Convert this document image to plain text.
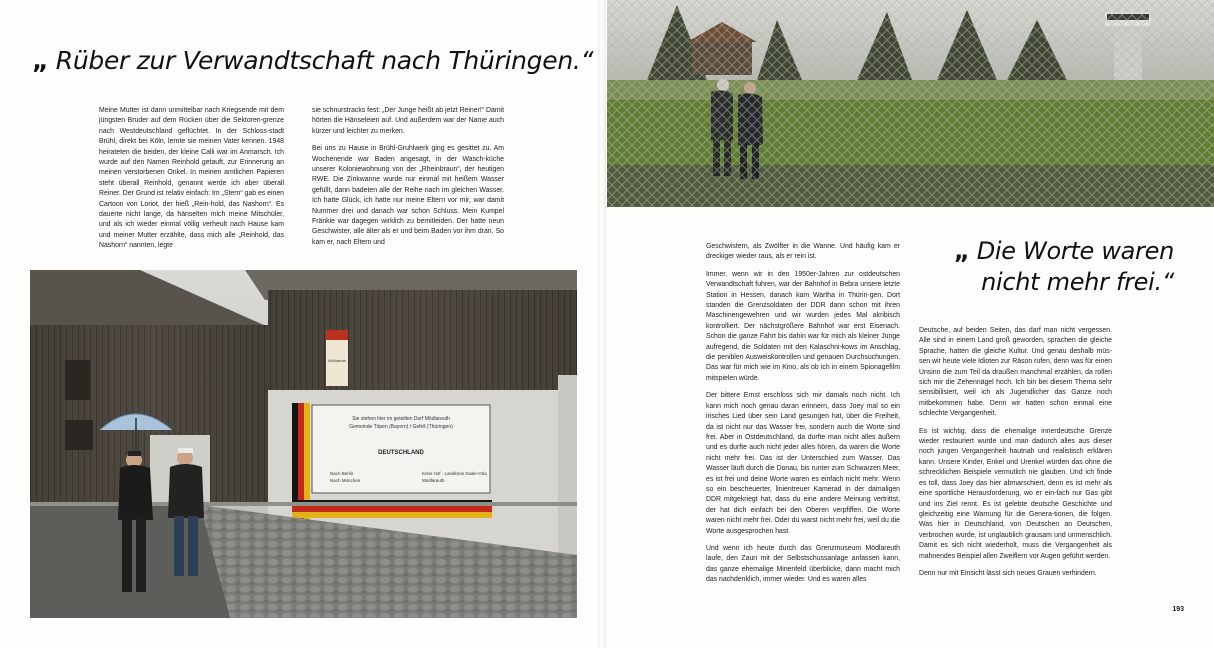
„ Rüber zur Verwandtschaft nach Thüringen.“

Meine Mutter ist dann unmittelbar nach Kriegsende mit dem jüngsten Bruder auf dem Rücken über die Sektoren-grenze nach Westdeutschland geflüchtet. In der Schloss-stadt Brühl, direkt bei Köln, lernte sie meinen Vater kennen. 1948 heirateten die beiden, der kleine Calli war im Anmarsch. Ich wurde auf den Namen Reinhold getauft, zur Erinnerung an meinen verstorbenen Onkel. In meinen amtlichen Papieren steht überall Reinhold, genannt werde ich aber überall Reiner. Der Grund ist relativ einfach: Im „Stern“ gab es einen Cartoon von Loriot, der hieß „Rein-hold, das Nashorn“. Es dauerte nicht lange, da hänselten mich meine Mitschüler, und als ich wieder einmal völlig verheult nach Hause kam und meiner Mutter erzählte, dass mich alle „Reinhold, das Nashorn“ nannten, legte

sie schnurstracks fest: „Der Junge heißt ab jetzt Reiner!“ Damit hörten die Hänseleien auf. Und außerdem war der Name auch kürzer und leichter zu merken.

Bei uns zu Hause in Brühl-Gruhlwerk ging es gesittet zu. Am Wochenende war Baden angesagt, in der Wasch-küche unserer Koloniewohnung von der „Rheinbraun“, der heutigen RWE. Die Zinkwanne wurde nur einmal mit heißem Wasser gefüllt, dann badeten alle der Reihe nach im gleichen Wasser. Ich hatte Glück, ich hatte nur meine Eltern vor mir, war damit Nummer drei und danach war schon Schluss. Mein Kumpel Fränkie war dagegen wirklich zu bemitleiden. Der hatte neun Geschwister, alle älter als er und beim Baden vor ihm dran. So kam er, nach Eltern und

Sie stehen hier im geteilten Dorf Mödlareuth
Gemeinde Töpen (Bayern) / Gefell (Thüringen)
DEUTSCHLAND
Nach Berlin
Nach München
Kreis Hof · Landkreis Saale-Orla
Mödlareuth
Mödlareuth
„ Die Worte waren
nicht mehr frei.“

Geschwistern, als Zwölfter in die Wanne. Und häufig kam er dreckiger wieder raus, als er rein ist.

Immer, wenn wir in den 1950er-Jahren zur ostdeutschen Verwandtschaft fuhren, war der Bahnhof in Bebra unsere letzte Station in Hessen, danach kam Wartha in Thürin-gen. Dort standen die Grenzsoldaten der DDR dann schon mit ihren Maschinengewehren und wir wurden jedes Mal akribisch kontrolliert. Der nächstgrößere Bahnhof war erst Eisenach. Schon die ganze Fahrt bis dahin war für mich als kleiner Junge aufregend, die Soldaten mit den Kalaschni-kows im Anschlag, die peniblen Ausweiskontrollen und genauen Durchsuchungen. Das war für mich wie im Kino, als ob ich in einem Spionagefilm mitspielen würde.

Der bittere Ernst erschloss sich mir damals noch nicht. Ich kann mich noch genau daran erinnern, dass Joey mal so ein irisches Lied über sein Land gesungen hat, über die Freiheit, da ist nicht nur das Wasser frei, sondern auch die Worte sind frei. Aber in Ostdeutschland, da durfte man nicht alles äußern und es durfte auch nicht jeder alles hören, da waren die Worte nicht mehr frei. Das ist der Unterschied zum Wasser. Das Wasser läuft durch die Donau, bis runter zum Schwarzen Meer, es ist frei und deine Worte waren es einfach nicht mehr. Wenn so ein bescheuerter, linientreuer Kamerad in der damaligen DDR mitgekriegt hat, dass du eine andere Meinung vertrittst, der hat dich einfach bei den Oberen verpfiffen. Die Worte waren nicht mehr frei. Oder du warst nicht mehr frei, weil du die Worte ausgesprochen hast.

Und wenn ich heute durch das Grenzmuseum Mödlareuth laufe, den Zaun mit der Selbstschussanlage anfassen kann, das ganze ehemalige Minenfeld überblicke, dann macht mich das nachdenklich, immer wieder. Und es waren alles

Deutsche, auf beiden Seiten, das darf man nicht vergessen. Alle sind in einem Land groß geworden, sprachen die gleiche Sprache, hatten die gleiche Kultur. Und genau deshalb müs-sen wir heute viele Idioten zur Räson rufen, denn was für einen Unsinn die zum Teil da draußen manchmal erzählen, da rollen sich mir die Zehennägel hoch. Ich bin bei diesem Thema sehr sensibilisiert, weil ich als Jugendlicher das Ganze noch mitbekommen habe. Denn wir hatten schon einmal eine schlechte Vergangenheit.

Es ist wichtig, dass die ehemalige innerdeutsche Grenze wieder restauriert wurde und man dadurch alles aus dieser noch jungen Vergangenheit hautnah und realistisch erklären kann. Unsere Kinder, Enkel und Urenkel würden das ohne die schrecklichen Beispiele vermutlich nie glauben. Und ich finde es toll, dass Joey das hier abmarschiert, denn es ist mehr als eine sportliche Herausforderung, wo er ein-fach nur Gas gibt und ins Ziel rennt. Es ist gelebte deutsche Geschichte und gleichzeitig eine Warnung für die Genera-tionen, die folgen. Was hier in Deutschland, von Deutschen an Deutschen, verbrochen wurde, ist unglaublich grausam und unmenschlich. Damit es sich nicht wiederholt, muss die Vergangenheit als mahnendes Beispiel allen Zweiflern vor Augen geführt werden.

Denn nur mit Einsicht lässt sich neues Grauen verhindern.

193
